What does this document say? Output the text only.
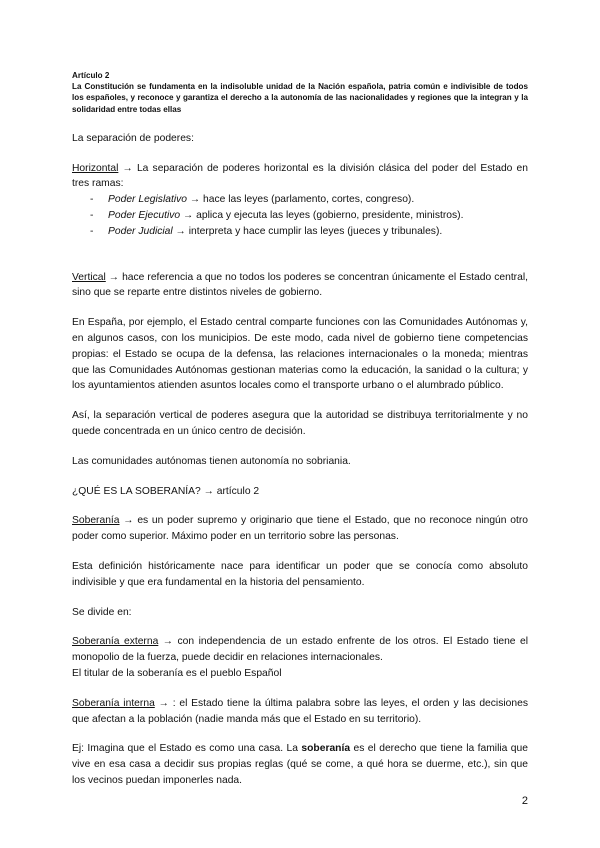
Artículo 2

La Constitución se fundamenta en la indisoluble unidad de la Nación española, patria común e indivisible de todos los españoles, y reconoce y garantiza el derecho a la autonomía de las nacionalidades y regiones que la integran y la solidaridad entre todas ellas

La separación de poderes:

Horizontal → La separación de poderes horizontal es la división clásica del poder del Estado en tres ramas:

- Poder Legislativo → hace las leyes (parlamento, cortes, congreso).
- Poder Ejecutivo → aplica y ejecuta las leyes (gobierno, presidente, ministros).
- Poder Judicial → interpreta y hace cumplir las leyes (jueces y tribunales).

Vertical → hace referencia a que no todos los poderes se concentran únicamente el Estado central, sino que se reparte entre distintos niveles de gobierno.

En España, por ejemplo, el Estado central comparte funciones con las Comunidades Autónomas y, en algunos casos, con los municipios. De este modo, cada nivel de gobierno tiene competencias propias: el Estado se ocupa de la defensa, las relaciones internacionales o la moneda; mientras que las Comunidades Autónomas gestionan materias como la educación, la sanidad o la cultura; y los ayuntamientos atienden asuntos locales como el transporte urbano o el alumbrado público.

Así, la separación vertical de poderes asegura que la autoridad se distribuya territorialmente y no quede concentrada en un único centro de decisión.

Las comunidades autónomas tienen autonomía no sobriania.

¿QUÉ ES LA SOBERANÍA? → artículo 2

Soberanía → es un poder supremo y originario que tiene el Estado, que no reconoce ningún otro poder como superior. Máximo poder en un territorio sobre las personas.

Esta definición históricamente nace para identificar un poder que se conocía como absoluto indivisible y que era fundamental en la historia del pensamiento.

Se divide en:

Soberanía externa → con independencia de un estado enfrente de los otros. El Estado tiene el monopolio de la fuerza, puede decidir en relaciones internacionales.

El titular de la soberanía es el pueblo Español

Soberanía interna → : el Estado tiene la última palabra sobre las leyes, el orden y las decisiones que afectan a la población (nadie manda más que el Estado en su territorio).

Ej: Imagina que el Estado es como una casa. La soberanía es el derecho que tiene la familia que vive en esa casa a decidir sus propias reglas (qué se come, a qué hora se duerme, etc.), sin que los vecinos puedan imponerles nada.

2
